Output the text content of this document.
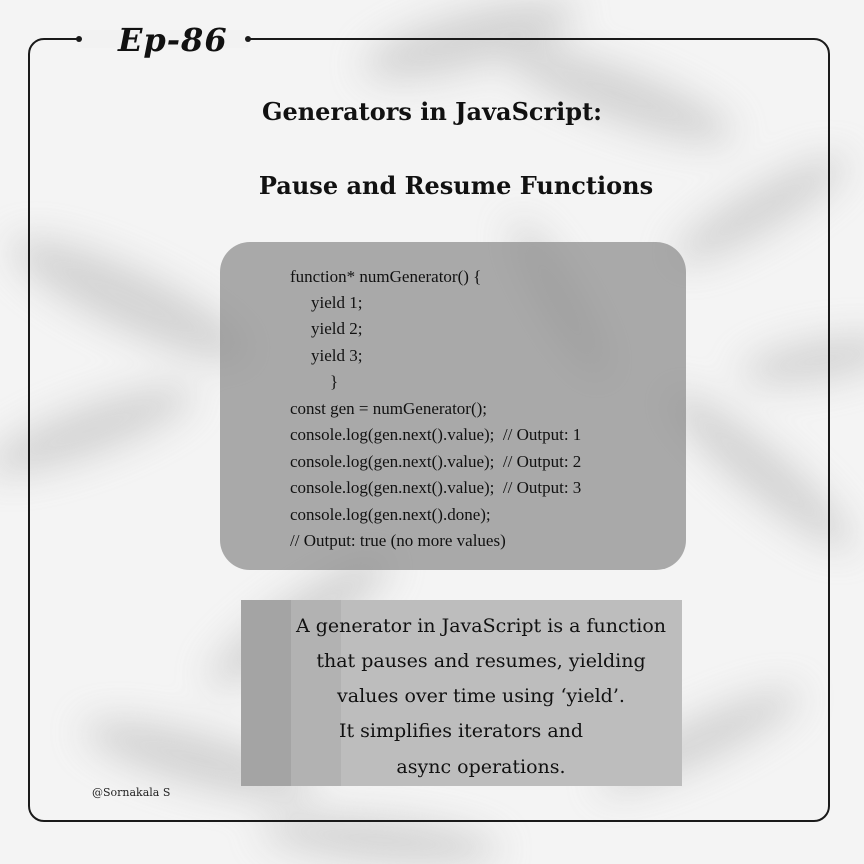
Ep-86
Generators in JavaScript:
Pause and Resume Functions
function* numGenerator() {
yield 1;
yield 2;
yield 3;
}
const gen = numGenerator();
console.log(gen.next().value);  // Output: 1
console.log(gen.next().value);  // Output: 2
console.log(gen.next().value);  // Output: 3
console.log(gen.next().done);
// Output: true (no more values)
A generator in JavaScript is a function
that pauses and resumes, yielding
values over time using ‘yield’.
It simplifies iterators and
async operations.
@Sornakala S
